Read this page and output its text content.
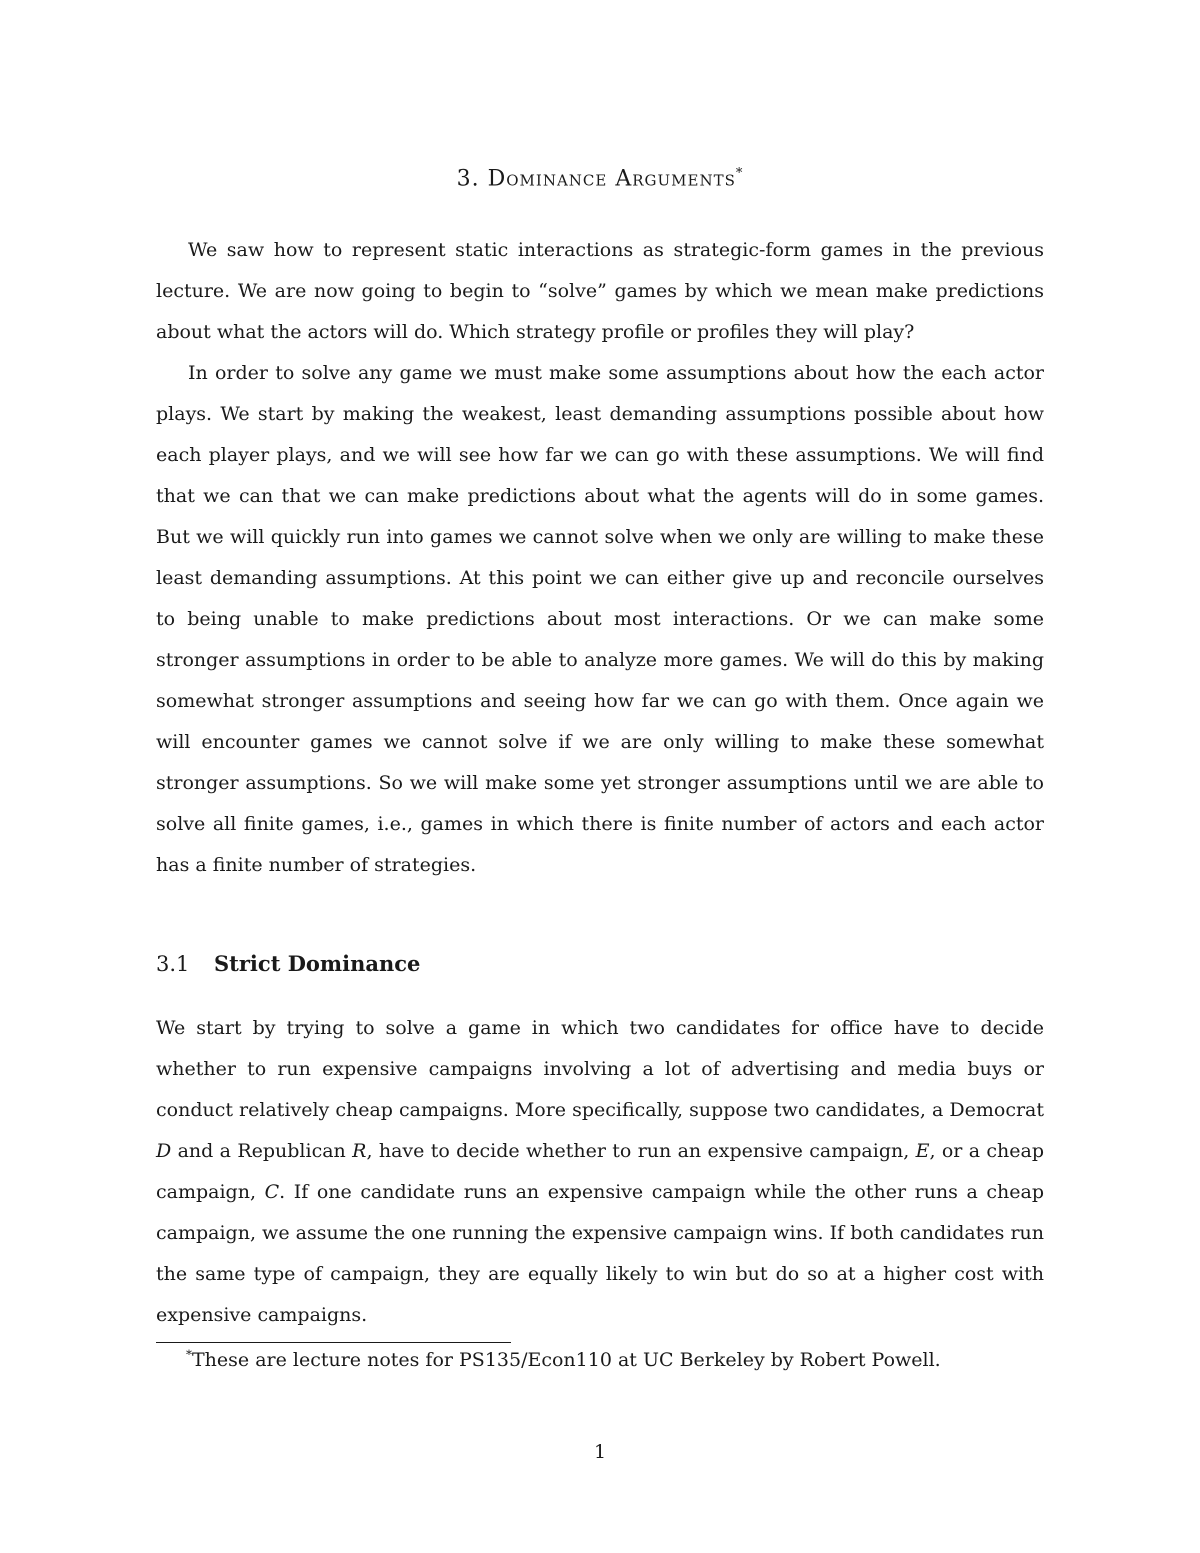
3. Dominance Arguments*

We saw how to represent static interactions as strategic-form games in the previous lecture. We are now going to begin to “solve” games by which we mean make predictions about what the actors will do. Which strategy profile or profiles they will play?

In order to solve any game we must make some assumptions about how the each actor plays. We start by making the weakest, least demanding assumptions possible about how each player plays, and we will see how far we can go with these assumptions. We will find that we can that we can make predictions about what the agents will do in some games. But we will quickly run into games we cannot solve when we only are willing to make these least demanding assumptions. At this point we can either give up and reconcile ourselves to being unable to make predictions about most interactions. Or we can make some stronger assumptions in order to be able to analyze more games. We will do this by making somewhat stronger assumptions and seeing how far we can go with them. Once again we will encounter games we cannot solve if we are only willing to make these somewhat stronger assumptions. So we will make some yet stronger assumptions until we are able to solve all finite games, i.e., games in which there is finite number of actors and each actor has a finite number of strategies.

3.1 Strict Dominance

We start by trying to solve a game in which two candidates for office have to decide whether to run expensive campaigns involving a lot of advertising and media buys or conduct relatively cheap campaigns. More specifically, suppose two candidates, a Democrat D and a Republican R, have to decide whether to run an expensive campaign, E, or a cheap campaign, C. If one candidate runs an expensive campaign while the other runs a cheap campaign, we assume the one running the expensive campaign wins. If both candidates run the same type of campaign, they are equally likely to win but do so at a higher cost with expensive campaigns.

*These are lecture notes for PS135/Econ110 at UC Berkeley by Robert Powell.

1
